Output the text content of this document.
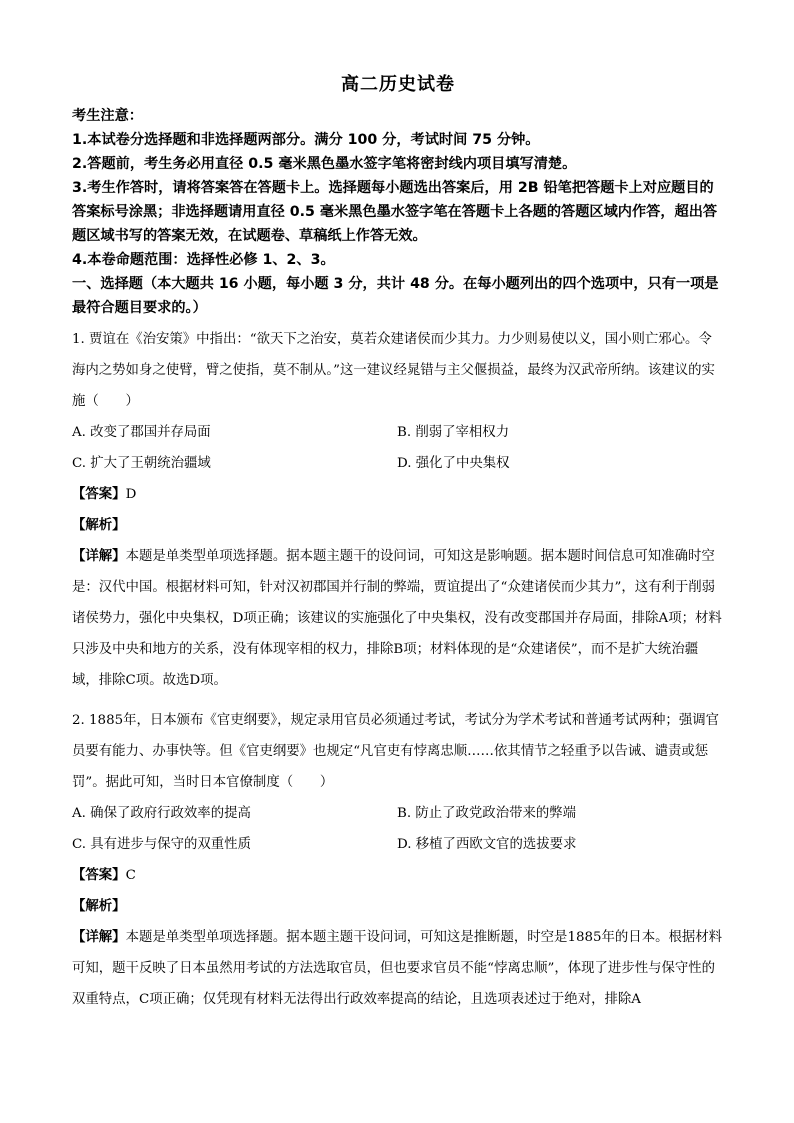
高二历史试卷

考生注意：

1.本试卷分选择题和非选择题两部分。满分 100 分，考试时间 75 分钟。

2.答题前，考生务必用直径 0.5 毫米黑色墨水签字笔将密封线内项目填写清楚。

3.考生作答时，请将答案答在答题卡上。选择题每小题选出答案后，用 2B 铅笔把答题卡上对应题目的答案标号涂黑；非选择题请用直径 0.5 毫米黑色墨水签字笔在答题卡上各题的答题区域内作答，超出答题区域书写的答案无效，在试题卷、草稿纸上作答无效。

4.本卷命题范围：选择性必修 1、2、3。

一、选择题（本大题共 16 小题，每小题 3 分，共计 48 分。在每小题列出的四个选项中，只有一项是最符合题目要求的。）

1. 贾谊在《治安策》中指出：“欲天下之治安，莫若众建诸侯而少其力。力少则易使以义，国小则亡邪心。令海内之势如身之使臂，臂之使指，莫不制从。”这一建议经晁错与主父偃损益，最终为汉武帝所纳。该建议的实施（　　）

A. 改变了郡国并存局面	B. 削弱了宰相权力

C. 扩大了王朝统治疆域	D. 强化了中央集权

【答案】D

【解析】

【详解】本题是单类型单项选择题。据本题主题干的设问词，可知这是影响题。据本题时间信息可知准确时空是：汉代中国。根据材料可知，针对汉初郡国并行制的弊端，贾谊提出了“众建诸侯而少其力”，这有利于削弱诸侯势力，强化中央集权，D项正确；该建议的实施强化了中央集权，没有改变郡国并存局面，排除A项；材料只涉及中央和地方的关系，没有体现宰相的权力，排除B项；材料体现的是“众建诸侯”，而不是扩大统治疆域，排除C项。故选D项。

2. 1885年，日本颁布《官吏纲要》，规定录用官员必须通过考试，考试分为学术考试和普通考试两种；强调官员要有能力、办事快等。但《官吏纲要》也规定“凡官吏有悖离忠顺……依其情节之轻重予以告诫、谴责或惩罚”。据此可知，当时日本官僚制度（　　）

A. 确保了政府行政效率的提高	B. 防止了政党政治带来的弊端

C. 具有进步与保守的双重性质	D. 移植了西欧文官的选拔要求

【答案】C

【解析】

【详解】本题是单类型单项选择题。据本题主题干设问词，可知这是推断题，时空是1885年的日本。根据材料可知，题干反映了日本虽然用考试的方法选取官员，但也要求官员不能“悖离忠顺”，体现了进步性与保守性的双重特点，C项正确；仅凭现有材料无法得出行政效率提高的结论，且选项表述过于绝对，排除A
